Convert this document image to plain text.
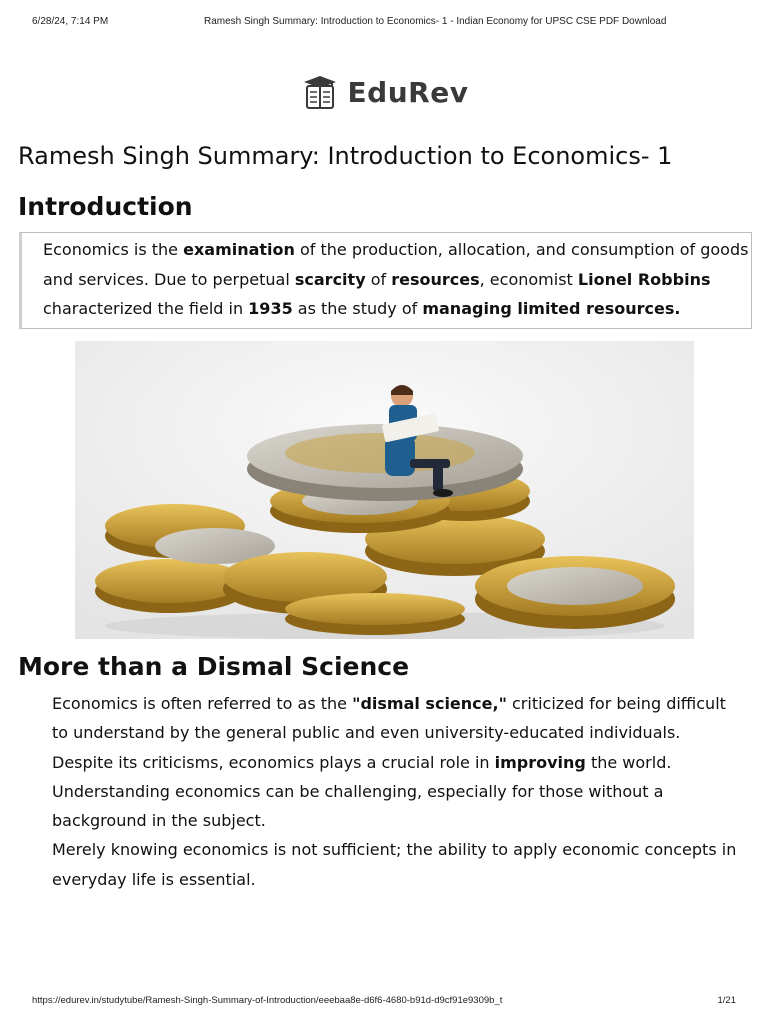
6/28/24, 7:14 PM	Ramesh Singh Summary: Introduction to Economics- 1 - Indian Economy for UPSC CSE PDF Download
EduRev
Ramesh Singh Summary: Introduction to Economics- 1
Introduction
Economics is the examination of the production, allocation, and consumption of goods and services. Due to perpetual scarcity of resources, economist Lionel Robbins characterized the field in 1935 as the study of managing limited resources.
More than a Dismal Science

Economics is often referred to as the "dismal science," criticized for being difficult to understand by the general public and even university-educated individuals.

Despite its criticisms, economics plays a crucial role in improving the world.

Understanding economics can be challenging, especially for those without a background in the subject.

Merely knowing economics is not sufficient; the ability to apply economic concepts in everyday life is essential.

https://edurev.in/studytube/Ramesh-Singh-Summary-of-Introduction/eeebaa8e-d6f6-4680-b91d-d9cf91e9309b_t	1/21
